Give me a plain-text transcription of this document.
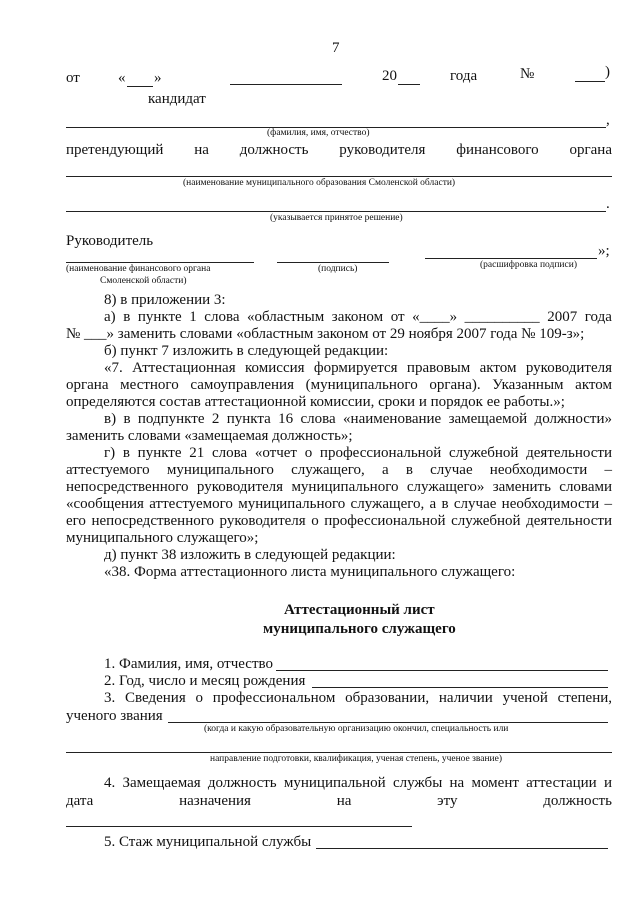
7
от	« »	20	года	№	)
кандидат
,
(фамилия, имя, отчество)
претендующий на должность руководителя финансового органа
(наименование муниципального образования Смоленской области)
.
(указывается принятое решение)
Руководитель
»;
(наименование финансового органа
Смоленской области)
(подпись)	(расшифровка подписи)
8) в приложении 3:
а) в пункте 1 слова «областным законом от «____» __________ 2007 года
№ ___» заменить словами «областным законом от 29 ноября 2007 года № 109-з»;
б) пункт 7 изложить в следующей редакции:
«7. Аттестационная комиссия формируется правовым актом руководителя
органа местного самоуправления (муниципального органа). Указанным актом
определяются состав аттестационной комиссии, сроки и порядок ее работы.»;
в) в подпункте 2 пункта 16 слова «наименование замещаемой должности»
заменить словами «замещаемая должность»;
г) в пункте 21 слова «отчет о профессиональной служебной деятельности
аттестуемого муниципального служащего, а в случае необходимости –
непосредственного руководителя муниципального служащего» заменить словами
«сообщения аттестуемого муниципального служащего, а в случае необходимости –
его непосредственного руководителя о профессиональной служебной деятельности
муниципального служащего»;
д) пункт 38 изложить в следующей редакции:
«38. Форма аттестационного листа муниципального служащего:
Аттестационный лист
муниципального служащего
1. Фамилия, имя, отчество
2. Год, число и месяц рождения
3. Сведения о профессиональном образовании, наличии ученой степени,
ученого звания
(когда и какую образовательную организацию окончил, специальность или
направление подготовки, квалификация, ученая степень, ученое звание)
4. Замещаемая должность муниципальной службы на момент аттестации и
дата	назначения	на	эту	должность
5. Стаж муниципальной службы
